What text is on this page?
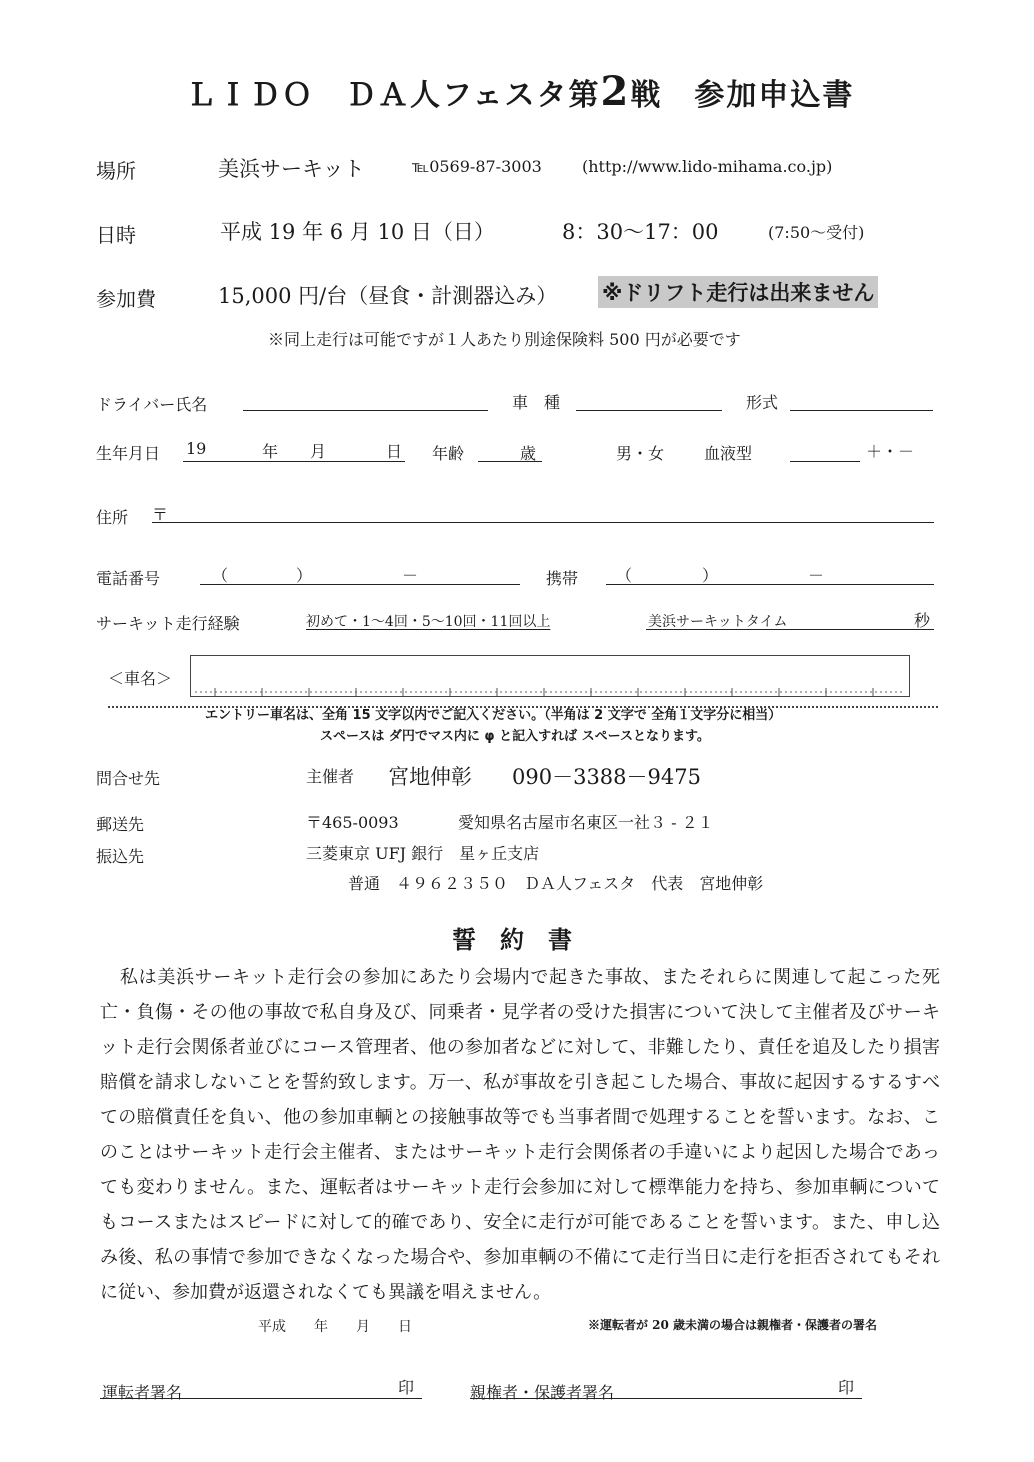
ＬＩＤＯ　ＤＡ人フェスタ第2戦　参加申込書
場所	美浜サーキット	℡0569-87-3003	(http://www.lido-mihama.co.jp)
日時	平成 19 年 6 月 10 日（日）	8：30〜17：00	(7:50〜受付)
参加費	15,000 円/台（昼食・計測器込み） ※ドリフト走行は出来ません
※同上走行は可能ですが１人あたり別途保険料 500 円が必要です
ドライバー氏名	車　種	形式
生年月日 19	年 月	日 年齢	歳	男・女 血液型	＋・－
住所 〒
電話番号	（	）	－	携帯 （	）	－
サーキット走行経験	初めて・1〜4回・5〜10回・11回以上	美浜サーキットタイム	秒
＜車名＞
エントリー車名は、全角 15 文字以内でご記入ください。（半角は 2 文字で 全角１文字分に相当）
スペースは ダ円でマス内に φ と記入すれば スペースとなります。
問合せ先	主催者 宮地伸彰 090－3388－9475
郵送先	〒465-0093	愛知県名古屋市名東区一社３ - ２１
振込先	三菱東京 UFJ 銀行　星ヶ丘支店
普通　４９６２３５０　ＤＡ人フェスタ　代表　宮地伸彰
誓　約　書
私は美浜サーキット走行会の参加にあたり会場内で起きた事故、またそれらに関連して起こった死亡・負傷・その他の事故で私自身及び、同乗者・見学者の受けた損害について決して主催者及びサーキット走行会関係者並びにコース管理者、他の参加者などに対して、非難したり、責任を追及したり損害賠償を請求しないことを誓約致します。万一、私が事故を引き起こした場合、事故に起因するするすべての賠償責任を負い、他の参加車輌との接触事故等でも当事者間で処理することを誓います。なお、このことはサーキット走行会主催者、またはサーキット走行会関係者の手違いにより起因した場合であっても変わりません。また、運転者はサーキット走行会参加に対して標準能力を持ち、参加車輌についてもコースまたはスピードに対して的確であり、安全に走行が可能であることを誓います。また、申し込み後、私の事情で参加できなくなった場合や、参加車輌の不備にて走行当日に走行を拒否されてもそれに従い、参加費が返還されなくても異議を唱えません。
平成　　年　　月　　日	※運転者が 20 歳未満の場合は親権者・保護者の署名
運転者署名	印	親権者・保護者署名	印
